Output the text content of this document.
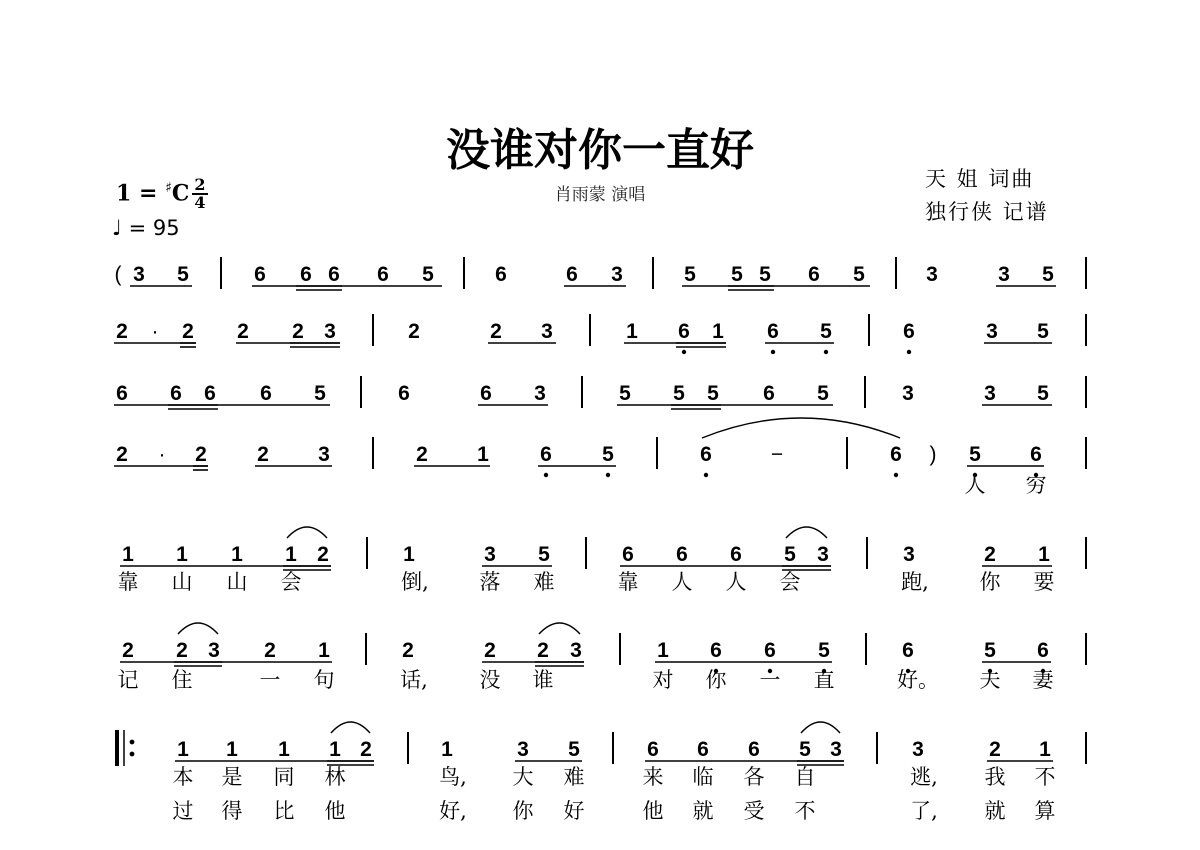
没谁对你一直好
肖雨蒙 演唱
天 姐 词曲
独行侠 记谱
1 = ♯C 2
4
♩ = 95
( 3 5	6 6 6 6 5	6	6 3	5 5 5 6 5	3	3 5
2 · 2 2 2 3	2	2 3	1 6 1 6 5	6	3 5
6 6 6 6 5	6	6 3	5 5 5 6 5	3	3 5
2 · 2 2 3	2 1 6 5	6	−	6 ) 5 6
人 穷
1 1 1 1 2	1	3 5	6 6 6 5 3	3	2 1
靠 山 山 会	倒, 落 难	靠 人 人 会	跑, 你 要
2 2 3 2 1	2	2 2 3	1 6 6 5	6	5 6
记 住	一 句	话, 没 谁	对 你 一 直	好。 夫 妻
1 1 1 1 2	1	3 5	6 6 6 5 3	3	2 1
本 是 同 林	鸟, 大 难	来 临 各 自	逃, 我 不
过 得 比 他	好, 你 好	他 就 受 不	了, 就 算
